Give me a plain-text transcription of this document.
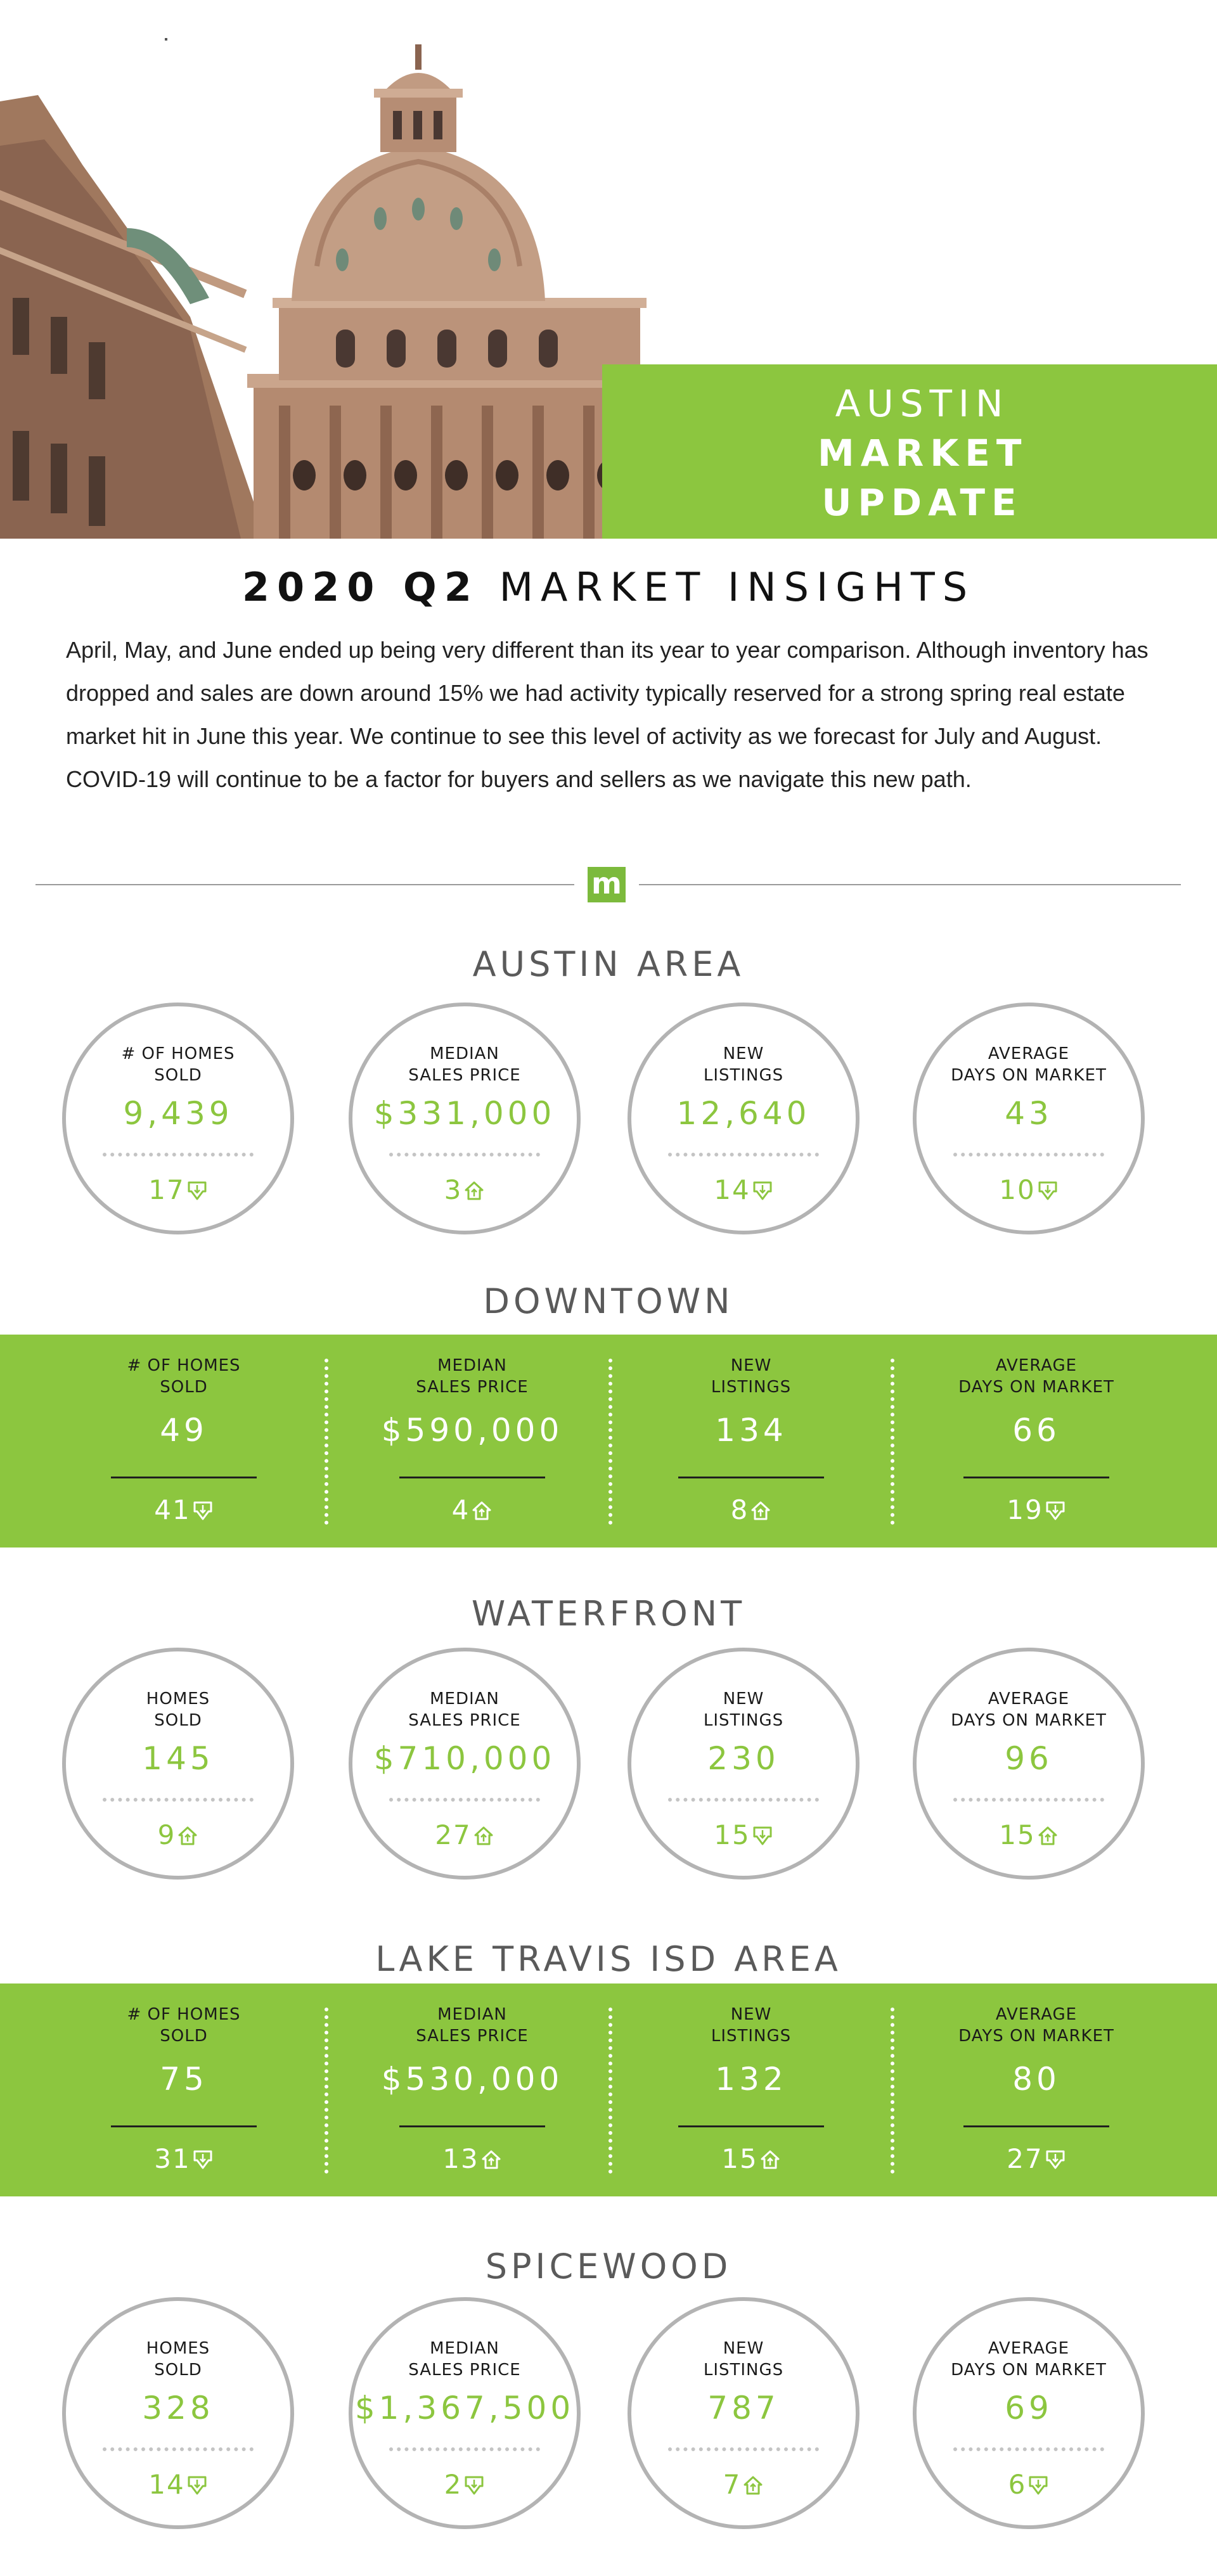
AUSTIN
MARKET
UPDATE
2020 Q2 MARKET INSIGHTS

April, May, and June ended up being very different than its year to year comparison. Although inventory has dropped and sales are down around 15% we had activity typically reserved for a strong spring real estate market hit in June this year. We continue to see this level of activity as we forecast for July and August. COVID-19 will continue to be a factor for buyers and sellers as we navigate this new path.

m
AUSTIN AREA
# OF HOMES
SOLD
9,439
17
MEDIAN
SALES PRICE
$331,000
3
NEW
LISTINGS
12,640
14
AVERAGE
DAYS ON MARKET
43
10
DOWNTOWN
# OF HOMES
SOLD
49
41
MEDIAN
SALES PRICE
$590,000
4
NEW
LISTINGS
134
8
AVERAGE
DAYS ON MARKET
66
19
WATERFRONT
HOMES
SOLD
145
9
MEDIAN
SALES PRICE
$710,000
27
NEW
LISTINGS
230
15
AVERAGE
DAYS ON MARKET
96
15
LAKE TRAVIS ISD AREA
# OF HOMES
SOLD
75
31
MEDIAN
SALES PRICE
$530,000
13
NEW
LISTINGS
132
15
AVERAGE
DAYS ON MARKET
80
27
SPICEWOOD
HOMES
SOLD
328
14
MEDIAN
SALES PRICE
$1,367,500
2
NEW
LISTINGS
787
7
AVERAGE
DAYS ON MARKET
69
6
